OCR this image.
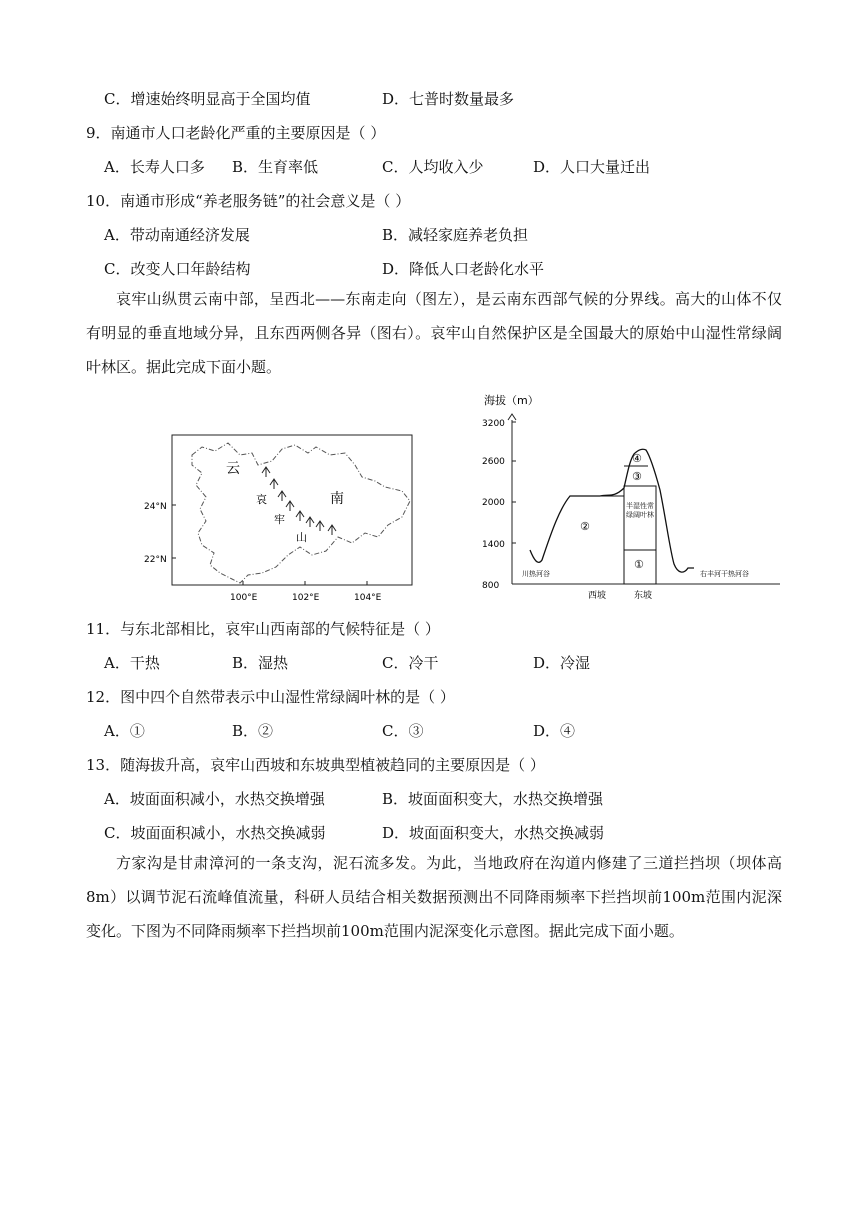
C．增速始终明显高于全国均值	D．七普时数量最多
9．南通市人口老龄化严重的主要原因是（ ）
A．长寿人口多 B．生育率低	C．人均收入少	D．人口大量迁出
10．南通市形成“养老服务链”的社会意义是（ ）
A．带动南通经济发展	B．减轻家庭养老负担
C．改变人口年龄结构	D．降低人口老龄化水平
哀牢山纵贯云南中部，呈西北——东南走向（图左），是云南东西部气候的分界线。高大的山体不仅有明显的垂直地域分异，且东西两侧各异（图右）。哀牢山自然保护区是全国最大的原始中山湿性常绿阔叶林区。据此完成下面小题。
云
南
哀
牢
山
24°N
22°N
100°E	102°E	104°E
海拔（m）
3200
2600
2000
1400
800
②
③
④
①
半湿性常绿阔叶林
川热河谷	右丰河干热河谷
西坡	东坡
11．与东北部相比，哀牢山西南部的气候特征是（ ）
A．干热	B．湿热	C．冷干	D．冷湿
12．图中四个自然带表示中山湿性常绿阔叶林的是（ ）
A．①	B．②	C．③	D．④
13．随海拔升高，哀牢山西坡和东坡典型植被趋同的主要原因是（ ）
A．坡面面积减小，水热交换增强	B．坡面面积变大，水热交换增强
C．坡面面积减小，水热交换减弱	D．坡面面积变大，水热交换减弱
方家沟是甘肃漳河的一条支沟，泥石流多发。为此，当地政府在沟道内修建了三道拦挡坝（坝体高8m）以调节泥石流峰值流量，科研人员结合相关数据预测出不同降雨频率下拦挡坝前100m范围内泥深变化。下图为不同降雨频率下拦挡坝前100m范围内泥深变化示意图。据此完成下面小题。
